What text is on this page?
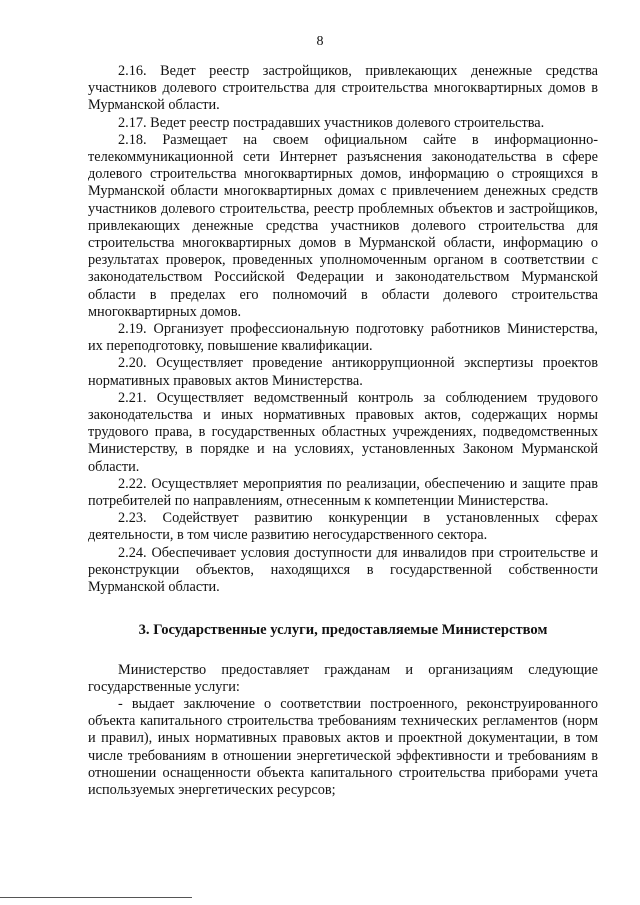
8

2.16. Ведет реестр застройщиков, привлекающих денежные средства участников долевого строительства для строительства многоквартирных домов в Мурманской области.

2.17. Ведет реестр пострадавших участников долевого строительства.

2.18. Размещает на своем официальном сайте в информационно-телекоммуникационной сети Интернет разъяснения законодательства в сфере долевого строительства многоквартирных домов, информацию о строящихся в Мурманской области многоквартирных домах с привлечением денежных средств участников долевого строительства, реестр проблемных объектов и застройщиков, привлекающих денежные средства участников долевого строительства для строительства многоквартирных домов в Мурманской области, информацию о результатах проверок, проведенных уполномоченным органом в соответствии с законодательством Российской Федерации и законодательством Мурманской области в пределах его полномочий в области долевого строительства многоквартирных домов.

2.19. Организует профессиональную подготовку работников Министерства, их переподготовку, повышение квалификации.

2.20. Осуществляет проведение антикоррупционной экспертизы проектов нормативных правовых актов Министерства.

2.21. Осуществляет ведомственный контроль за соблюдением трудового законодательства и иных нормативных правовых актов, содержащих нормы трудового права, в государственных областных учреждениях, подведомственных Министерству, в порядке и на условиях, установленных Законом Мурманской области.

2.22. Осуществляет мероприятия по реализации, обеспечению и защите прав потребителей по направлениям, отнесенным к компетенции Министерства.

2.23. Содействует развитию конкуренции в установленных сферах деятельности, в том числе развитию негосударственного сектора.

2.24. Обеспечивает условия доступности для инвалидов при строительстве и реконструкции объектов, находящихся в государственной собственности Мурманской области.

3. Государственные услуги, предоставляемые Министерством

Министерство предоставляет гражданам и организациям следующие государственные услуги:

- выдает заключение о соответствии построенного, реконструированного объекта капитального строительства требованиям технических регламентов (норм и правил), иных нормативных правовых актов и проектной документации, в том числе требованиям в отношении энергетической эффективности и требованиям в отношении оснащенности объекта капитального строительства приборами учета используемых энергетических ресурсов;
